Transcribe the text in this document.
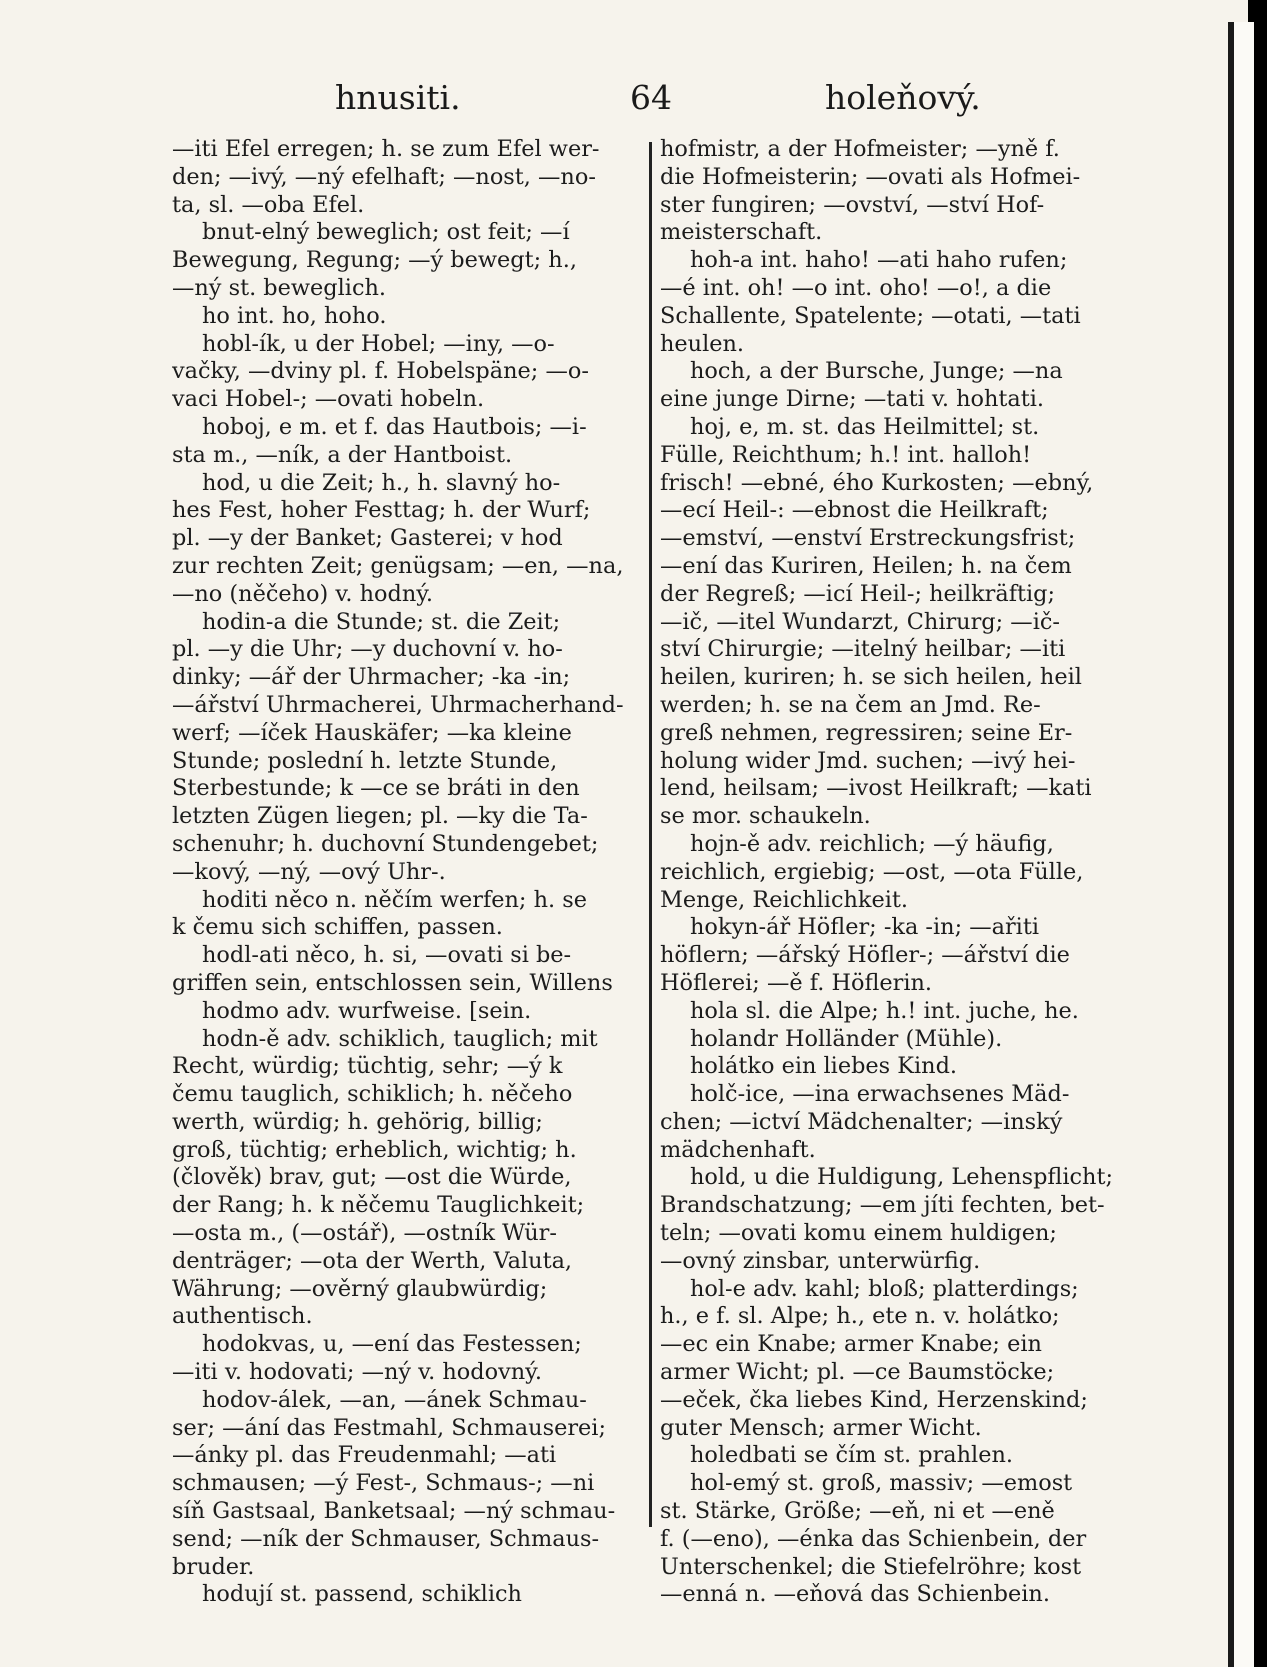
hnusiti.	64	holeňový.
—iti Efel erregen; h. se zum Efel wer-
den; —ivý, —ný efelhaft; —nost, —no-
ta, sl. —oba Efel.
bnut-elný beweglich; ost feit; —í
Bewegung, Regung; —ý bewegt; h.,
—ný st. beweglich.
ho int. ho, hoho.
hobl-ík, u der Hobel; —iny, —o-
vačky, —dviny pl. f. Hobelspäne; —o-
vaci Hobel-; —ovati hobeln.
hoboj, e m. et f. das Hautbois; —i-
sta m., —ník, a der Hantboist.
hod, u die Zeit; h., h. slavný ho-
hes Fest, hoher Festtag; h. der Wurf;
pl. —y der Banket; Gasterei; v hod
zur rechten Zeit; genügsam; —en, —na,
—no (něčeho) v. hodný.
hodin-a die Stunde; st. die Zeit;
pl. —y die Uhr; —y duchovní v. ho-
dinky; —ář der Uhrmacher; -ka -in;
—ářství Uhrmacherei, Uhrmacherhand-
werf; —íček Hauskäfer; —ka kleine
Stunde; poslední h. letzte Stunde,
Sterbestunde; k —ce se bráti in den
letzten Zügen liegen; pl. —ky die Ta-
schenuhr; h. duchovní Stundengebet;
—kový, —ný, —ový Uhr-.
hoditi něco n. něčím werfen; h. se
k čemu sich schiffen, passen.
hodl-ati něco, h. si, —ovati si be-
griffen sein, entschlossen sein, Willens
hodmo adv. wurfweise. [sein.
hodn-ě adv. schiklich, tauglich; mit
Recht, würdig; tüchtig, sehr; —ý k
čemu tauglich, schiklich; h. něčeho
werth, würdig; h. gehörig, billig;
groß, tüchtig; erheblich, wichtig; h.
(člověk) brav, gut; —ost die Würde,
der Rang; h. k něčemu Tauglichkeit;
—osta m., (—ostář), —ostník Wür-
denträger; —ota der Werth, Valuta,
Währung; —ověrný glaubwürdig;
authentisch.
hodokvas, u, —ení das Festessen;
—iti v. hodovati; —ný v. hodovný.
hodov-álek, —an, —ánek Schmau-
ser; —ání das Festmahl, Schmauserei;
—ánky pl. das Freudenmahl; —ati
schmausen; —ý Fest-, Schmaus-; —ni
síň Gastsaal, Banketsaal; —ný schmau-
send; —ník der Schmauser, Schmaus-
bruder.
hodují st. passend, schiklich
hofmistr, a der Hofmeister; —yně f.
die Hofmeisterin; —ovati als Hofmei-
ster fungiren; —ovství, —ství Hof-
meisterschaft.
hoh-a int. haho! —ati haho rufen;
—é int. oh! —o int. oho! —o!, a die
Schallente, Spatelente; —otati, —tati
heulen.
hoch, a der Bursche, Junge; —na
eine junge Dirne; —tati v. hohtati.
hoj, e, m. st. das Heilmittel; st.
Fülle, Reichthum; h.! int. halloh!
frisch! —ebné, ého Kurkosten; —ebný,
—ecí Heil-: —ebnost die Heilkraft;
—emství, —enství Erstreckungsfrist;
—ení das Kuriren, Heilen; h. na čem
der Regreß; —icí Heil-; heilkräftig;
—ič, —itel Wundarzt, Chirurg; —ič-
ství Chirurgie; —itelný heilbar; —iti
heilen, kuriren; h. se sich heilen, heil
werden; h. se na čem an Jmd. Re-
greß nehmen, regressiren; seine Er-
holung wider Jmd. suchen; —ivý hei-
lend, heilsam; —ivost Heilkraft; —kati
se mor. schaukeln.
hojn-ě adv. reichlich; —ý häufig,
reichlich, ergiebig; —ost, —ota Fülle,
Menge, Reichlichkeit.
hokyn-ář Höfler; -ka -in; —ařiti
höflern; —ářský Höfler-; —ářství die
Höflerei; —ě f. Höflerin.
hola sl. die Alpe; h.! int. juche, he.
holandr Holländer (Mühle).
holátko ein liebes Kind.
holč-ice, —ina erwachsenes Mäd-
chen; —ictví Mädchenalter; —inský
mädchenhaft.
hold, u die Huldigung, Lehenspflicht;
Brandschatzung; —em jíti fechten, bet-
teln; —ovati komu einem huldigen;
—ovný zinsbar, unterwürfig.
hol-e adv. kahl; bloß; platterdings;
h., e f. sl. Alpe; h., ete n. v. holátko;
—ec ein Knabe; armer Knabe; ein
armer Wicht; pl. —ce Baumstöcke;
—eček, čka liebes Kind, Herzenskind;
guter Mensch; armer Wicht.
holedbati se čím st. prahlen.
hol-emý st. groß, massiv; —emost
st. Stärke, Größe; —eň, ni et —eně
f. (—eno), —énka das Schienbein, der
Unterschenkel; die Stiefelröhre; kost
—enná n. —eňová das Schienbein.
